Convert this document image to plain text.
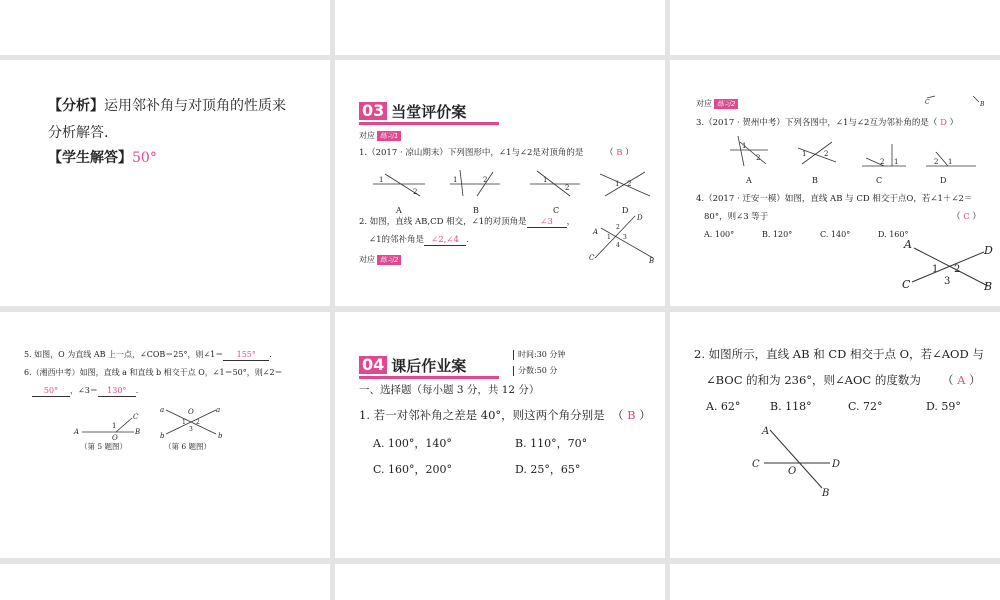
【分析】运用邻补角与对顶角的性质来
分析解答.
【学生解答】50°
03 当堂评价案
对应 练习1
1.（2017 · 凉山期末）下列图形中，∠1与∠2是对顶角的是	（ B ）
1
2
1	2	1
2	1 2
A	B	C	D
2. 如图，直线 AB,CD 相交，∠1的对顶角是 ∠3 ，
∠1的邻补角是 ∠2,∠4 .
C
D
A
B
1
2
3
4
对应 练习2
对应 练习2	C	B
3.（2017 · 贺州中考）下列各图中，∠1与∠2互为邻补角的是（ D ）
1
2	1	2
2 1	2 1
A	B	C	D
4.（2017 · 迁安一模）如图，直线 AB 与 CD 相交于点O，若∠1＋∠2＝
80°，则∠3 等于	（ C ）
A. 100°	B. 120°	C. 140°	D. 160°
A	D
C	B
1 2
3
5. 如图，O 为直线 AB 上一点，∠COB＝25°，则∠1＝ 155° .
6.（湘西中考）如图，直线 a 和直线 b 相交于点 O，∠1＝50°，则∠2＝
50° ，∠3＝ 130° .
A
O
B
C
1
a
b	b
a
O
1 2
3
（第 5 题图）	（第 6 题图）
04 课后作业案
时间:30 分钟
分数:50 分
一、选择题（每小题 3 分，共 12 分）
1. 若一对邻补角之差是 40°，则这两个角分别是 （ B ）
A. 100°，140°	B. 110°，70°
C. 160°，200°	D. 25°，65°
2. 如图所示，直线 AB 和 CD 相交于点 O，若∠AOD 与
∠BOC 的和为 236°，则∠AOC 的度数为 （ A ）
A. 62°	B. 118°	C. 72°	D. 59°
A
C
O
D
B
